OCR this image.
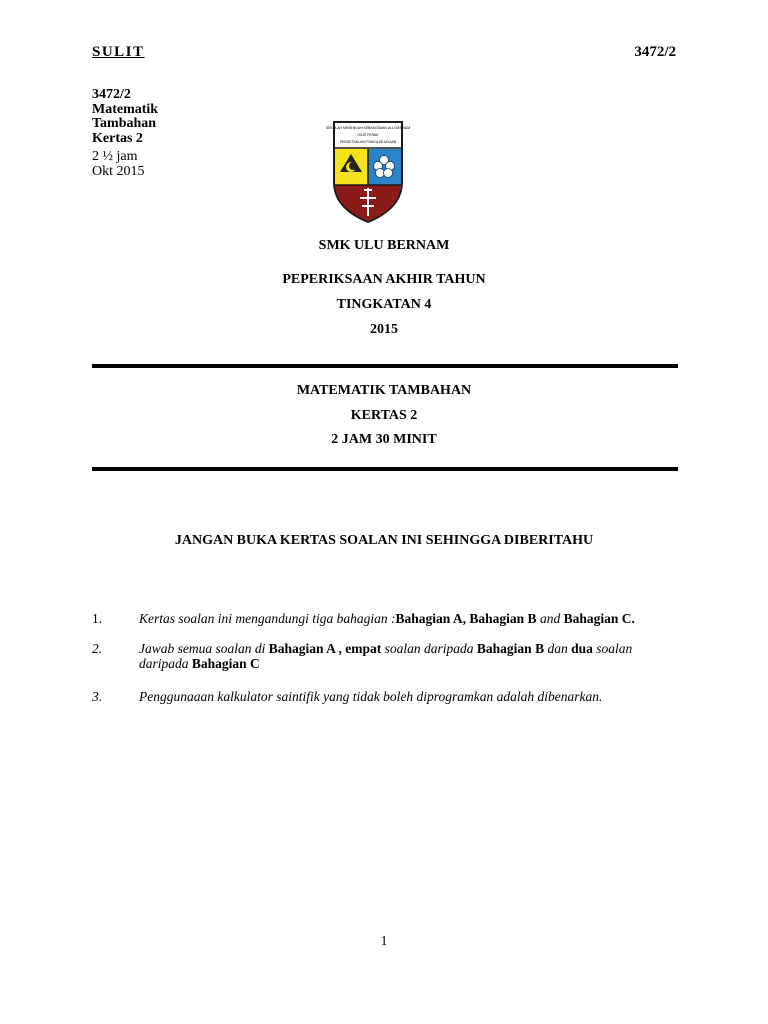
SULIT	3472/2
3472/2
Matematik
Tambahan
Kertas 2
2 ½ jam
Okt 2015
SEKOLAH MENENGAH KEBANGSAAN ULU BERNAM
HILIR PERAK
PENGETAHUAN PUNCA KEJAYAAN
SMK ULU BERNAM
PEPERIKSAAN AKHIR TAHUN
TINGKATAN 4
2015
MATEMATIK TAMBAHAN
KERTAS 2
2 JAM 30 MINIT
JANGAN BUKA KERTAS SOALAN INI SEHINGGA DIBERITAHU
1.	Kertas soalan ini mengandungi tiga bahagian :Bahagian A, Bahagian B and Bahagian C.
2.	Jawab semua soalan di Bahagian A , empat soalan daripada Bahagian B dan dua soalan daripada Bahagian C
3.	Penggunaaan kalkulator saintifik yang tidak boleh diprogramkan adalah dibenarkan.
1
